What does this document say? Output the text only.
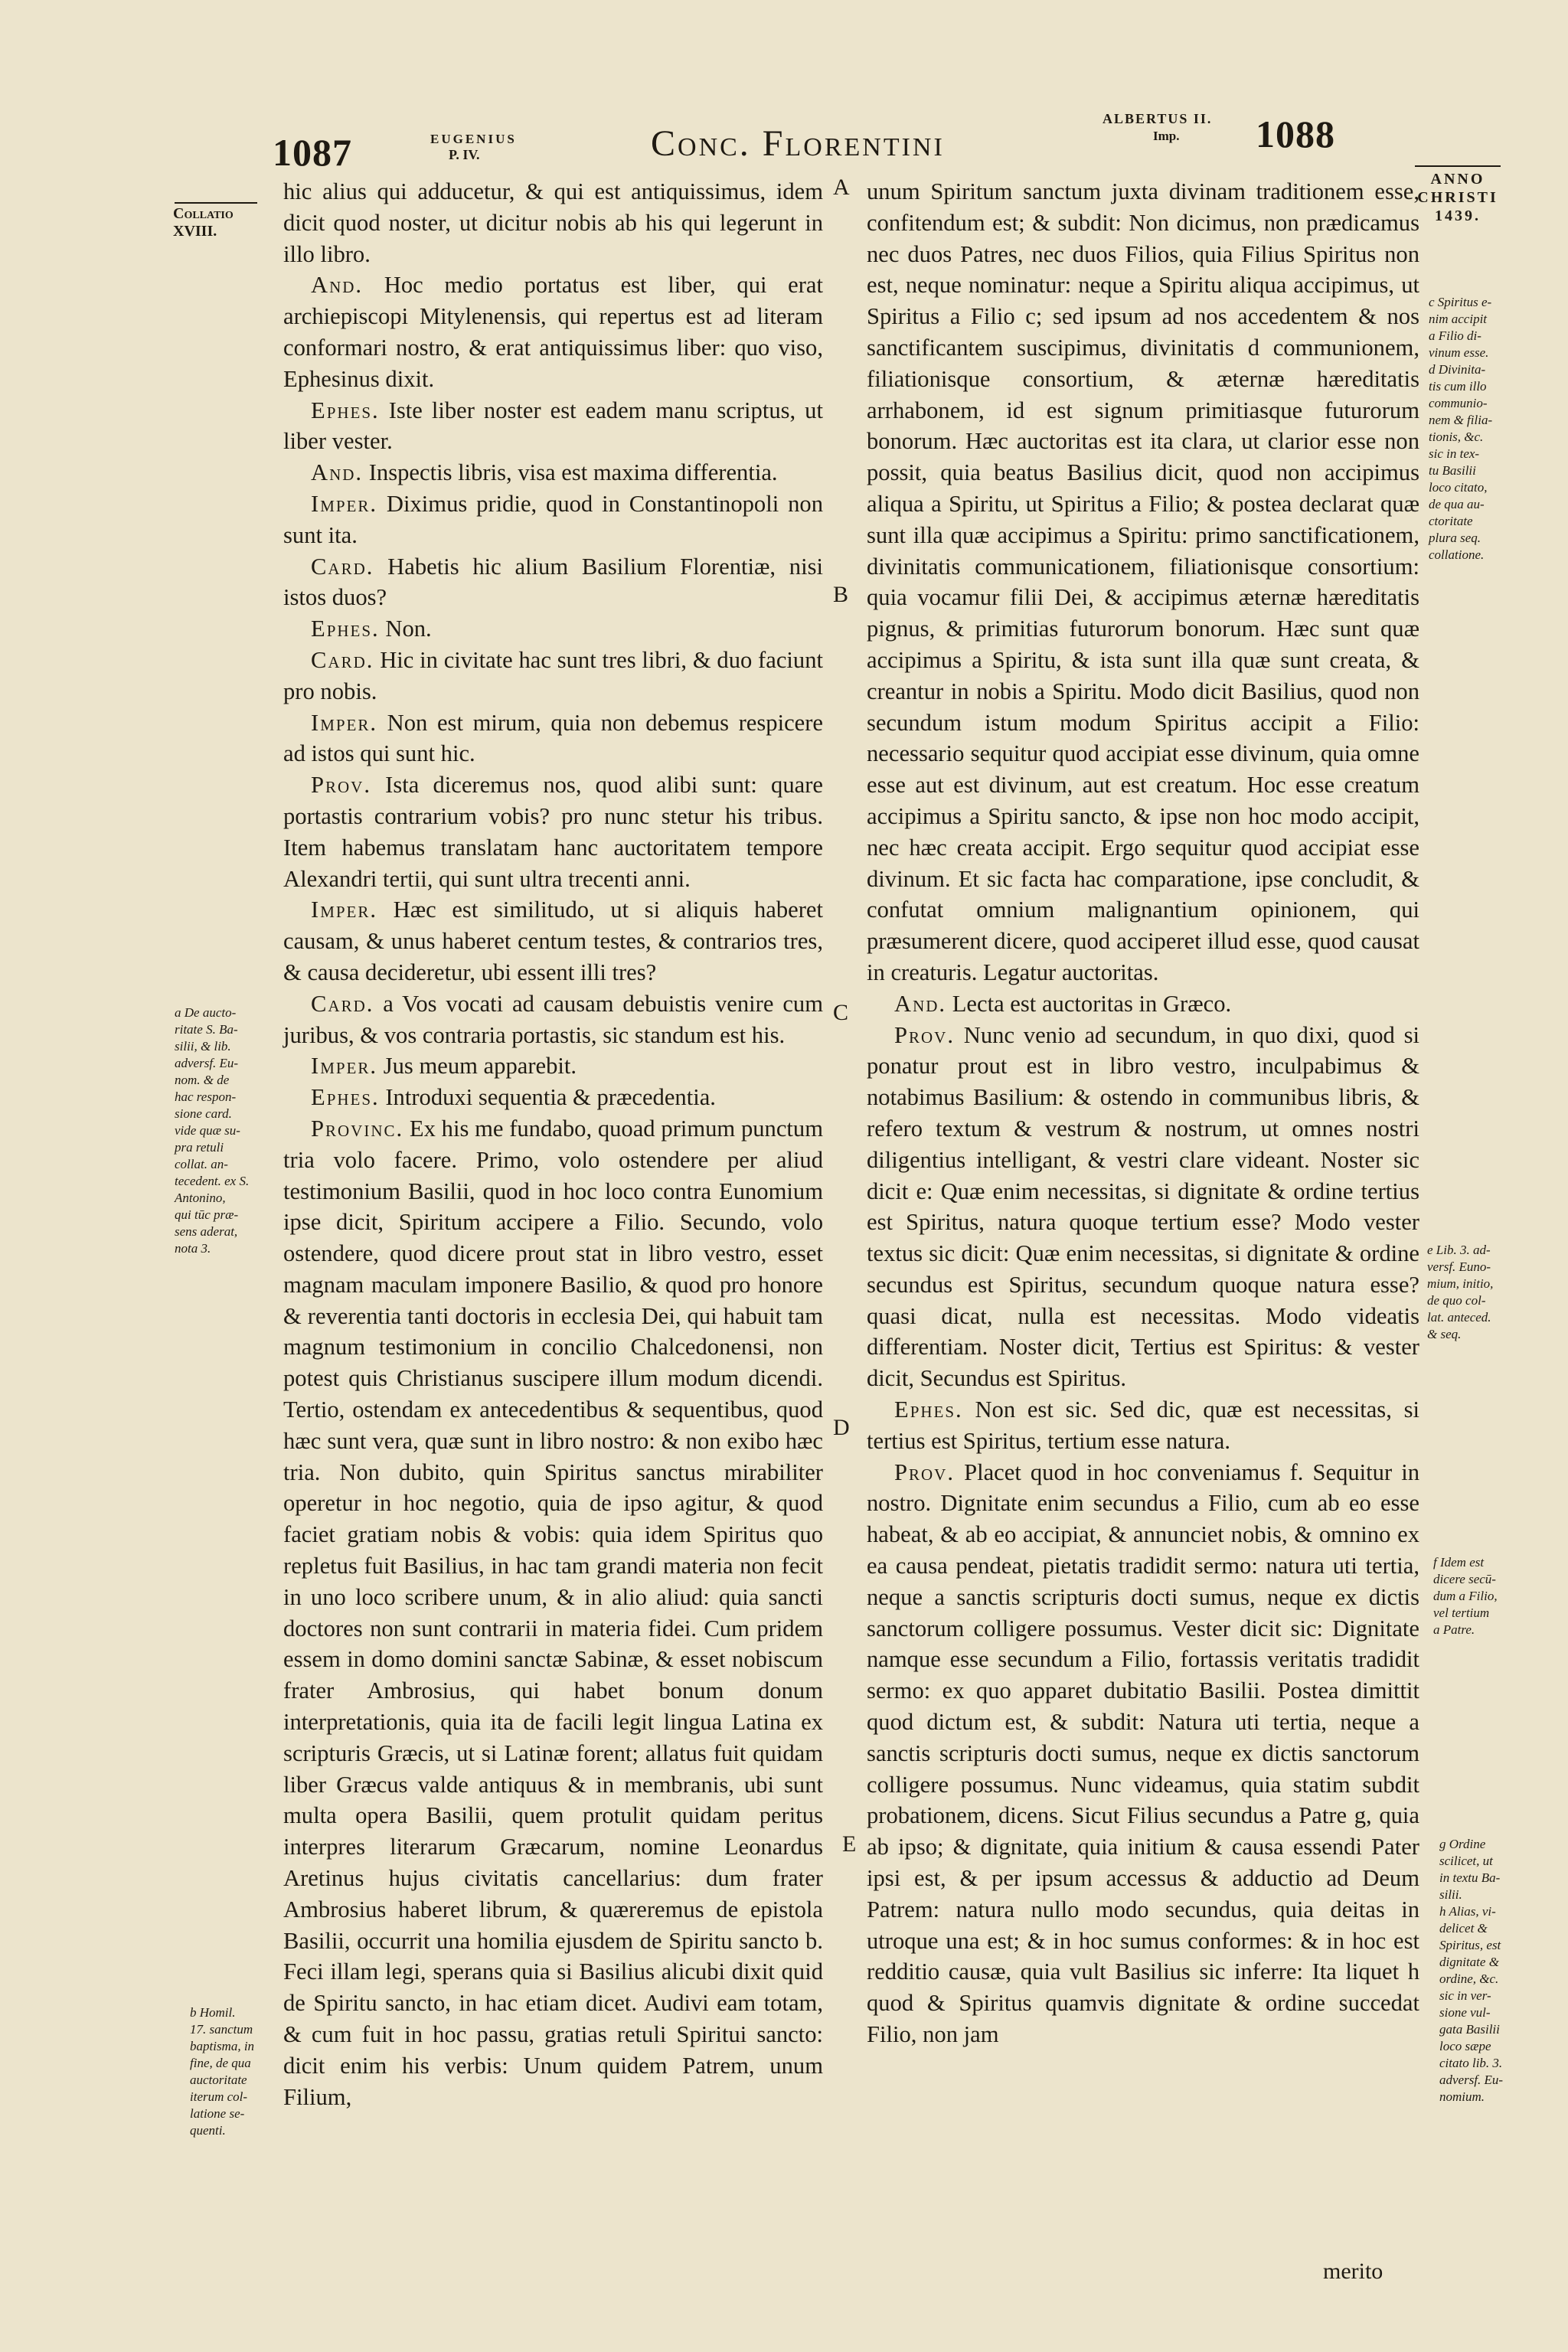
1087	EUGENIUS
P. IV.	Conc. Florentini
ALBERTUS II.
Imp. 1088
Collatio
XVIII.
a De aucto-
ritate S. Ba-
silii, & lib.
adversf. Eu-
nom. & de
hac respon-
sione card.
vide quæ su-
pra retuli
collat. an-
tecedent. ex S.
Antonino,
qui tūc præ-
sens aderat,
nota 3.
b Homil.
17. sanctum
baptisma, in
fine, de qua
auctoritate
iterum col-
latione se-
quenti.
A
B
C
D
E

hic alius qui adducetur, & qui est antiquissimus, idem dicit quod noster, ut dicitur nobis ab his qui legerunt in illo libro.

And. Hoc medio portatus est liber, qui erat archiepiscopi Mitylenensis, qui repertus est ad literam conformari nostro, & erat antiquissimus liber: quo viso, Ephesinus dixit.

Ephes. Iste liber noster est eadem manu scriptus, ut liber vester.

And. Inspectis libris, visa est maxima differentia.

Imper. Diximus pridie, quod in Constantinopoli non sunt ita.

Card. Habetis hic alium Basilium Florentiæ, nisi istos duos?

Ephes. Non.

Card. Hic in civitate hac sunt tres libri, & duo faciunt pro nobis.

Imper. Non est mirum, quia non debemus respicere ad istos qui sunt hic.

Prov. Ista diceremus nos, quod alibi sunt: quare portastis contrarium vobis? pro nunc stetur his tribus. Item habemus translatam hanc auctoritatem tempore Alexandri tertii, qui sunt ultra trecenti anni.

Imper. Hæc est similitudo, ut si aliquis haberet causam, & unus haberet centum testes, & contrarios tres, & causa decideretur, ubi essent illi tres?

Card. a Vos vocati ad causam debuistis venire cum juribus, & vos contraria portastis, sic standum est his.

Imper. Jus meum apparebit.

Ephes. Introduxi sequentia & præcedentia.

Provinc. Ex his me fundabo, quoad primum punctum tria volo facere. Primo, volo ostendere per aliud testimonium Basilii, quod in hoc loco contra Eunomium ipse dicit, Spiritum accipere a Filio. Secundo, volo ostendere, quod dicere prout stat in libro vestro, esset magnam maculam imponere Basilio, & quod pro honore & reverentia tanti doctoris in ecclesia Dei, qui habuit tam magnum testimonium in concilio Chalcedonensi, non potest quis Christianus suscipere illum modum dicendi. Tertio, ostendam ex antecedentibus & sequentibus, quod hæc sunt vera, quæ sunt in libro nostro: & non exibo hæc tria. Non dubito, quin Spiritus sanctus mirabiliter operetur in hoc negotio, quia de ipso agitur, & quod faciet gratiam nobis & vobis: quia idem Spiritus quo repletus fuit Basilius, in hac tam grandi materia non fecit in uno loco scribere unum, & in alio aliud: quia sancti doctores non sunt contrarii in materia fidei. Cum pridem essem in domo domini sanctæ Sabinæ, & esset nobiscum frater Ambrosius, qui habet bonum donum interpretationis, quia ita de facili legit lingua Latina ex scripturis Græcis, ut si Latinæ forent; allatus fuit quidam liber Græcus valde antiquus & in membranis, ubi sunt multa opera Basilii, quem protulit quidam peritus interpres literarum Græcarum, nomine Leonardus Aretinus hujus civitatis cancellarius: dum frater Ambrosius haberet librum, & quæreremus de epistola Basilii, occurrit una homilia ejusdem de Spiritu sancto b. Feci illam legi, sperans quia si Basilius alicubi dixit quid de Spiritu sancto, in hac etiam dicet. Audivi eam totam, & cum fuit in hoc passu, gratias retuli Spiritui sancto: dicit enim his verbis: Unum quidem Patrem, unum Filium,

unum Spiritum sanctum juxta divinam traditionem esse, confitendum est; & subdit: Non dicimus, non prædicamus nec duos Patres, nec duos Filios, quia Filius Spiritus non est, neque nominatur: neque a Spiritu aliqua accipimus, ut Spiritus a Filio c; sed ipsum ad nos accedentem & nos sanctificantem suscipimus, divinitatis d communionem, filiationisque consortium, & æternæ hæreditatis arrhabonem, id est signum primitiasque futurorum bonorum. Hæc auctoritas est ita clara, ut clarior esse non possit, quia beatus Basilius dicit, quod non accipimus aliqua a Spiritu, ut Spiritus a Filio; & postea declarat quæ sunt illa quæ accipimus a Spiritu: primo sanctificationem, divinitatis communicationem, filiationisque consortium: quia vocamur filii Dei, & accipimus æternæ hæreditatis pignus, & primitias futurorum bonorum. Hæc sunt quæ accipimus a Spiritu, & ista sunt illa quæ sunt creata, & creantur in nobis a Spiritu. Modo dicit Basilius, quod non secundum istum modum Spiritus accipit a Filio: necessario sequitur quod accipiat esse divinum, quia omne esse aut est divinum, aut est creatum. Hoc esse creatum accipimus a Spiritu sancto, & ipse non hoc modo accipit, nec hæc creata accipit. Ergo sequitur quod accipiat esse divinum. Et sic facta hac comparatione, ipse concludit, & confutat omnium malignantium opinionem, qui præsumerent dicere, quod acciperet illud esse, quod causat in creaturis. Legatur auctoritas.

And. Lecta est auctoritas in Græco.

Prov. Nunc venio ad secundum, in quo dixi, quod si ponatur prout est in libro vestro, inculpabimus & notabimus Basilium: & ostendo in communibus libris, & refero textum & vestrum & nostrum, ut omnes nostri diligentius intelligant, & vestri clare videant. Noster sic dicit e: Quæ enim necessitas, si dignitate & ordine tertius est Spiritus, natura quoque tertium esse? Modo vester textus sic dicit: Quæ enim necessitas, si dignitate & ordine secundus est Spiritus, secundum quoque natura esse? quasi dicat, nulla est necessitas. Modo videatis differentiam. Noster dicit, Tertius est Spiritus: & vester dicit, Secundus est Spiritus.

Ephes. Non est sic. Sed dic, quæ est necessitas, si tertius est Spiritus, tertium esse natura.

Prov. Placet quod in hoc conveniamus f. Sequitur in nostro. Dignitate enim secundus a Filio, cum ab eo esse habeat, & ab eo accipiat, & annunciet nobis, & omnino ex ea causa pendeat, pietatis tradidit sermo: natura uti tertia, neque a sanctis scripturis docti sumus, neque ex dictis sanctorum colligere possumus. Vester dicit sic: Dignitate namque esse secundum a Filio, fortassis veritatis tradidit sermo: ex quo apparet dubitatio Basilii. Postea dimittit quod dictum est, & subdit: Natura uti tertia, neque a sanctis scripturis docti sumus, neque ex dictis sanctorum colligere possumus. Nunc videamus, quia statim subdit probationem, dicens. Sicut Filius secundus a Patre g, quia ab ipso; & dignitate, quia initium & causa essendi Pater ipsi est, & per ipsum accessus & adductio ad Deum Patrem: natura nullo modo secundus, quia deitas in utroque una est; & in hoc sumus conformes: & in hoc est redditio causæ, quia vult Basilius sic inferre: Ita liquet h quod & Spiritus quamvis dignitate & ordine succedat Filio, non jam

ANNO
CHRISTI
1439.
c Spiritus e-
nim accipit
a Filio di-
vinum esse.
d Divinita-
tis cum illo
communio-
nem & filia-
tionis, &c.
sic in tex-
tu Basilii
loco citato,
de qua au-
ctoritate
plura seq.
collatione.
e Lib. 3. ad-
versf. Euno-
mium, initio,
de quo col-
lat. anteced.
& seq.
f Idem est
dicere secū-
dum a Filio,
vel tertium
a Patre.
g Ordine
scilicet, ut
in textu Ba-
silii.
h Alias, vi-
delicet &
Spiritus, est
dignitate &
ordine, &c.
sic in ver-
sione vul-
gata Basilii
loco sæpe
citato lib. 3.
adversf. Eu-
nomium.
merito
